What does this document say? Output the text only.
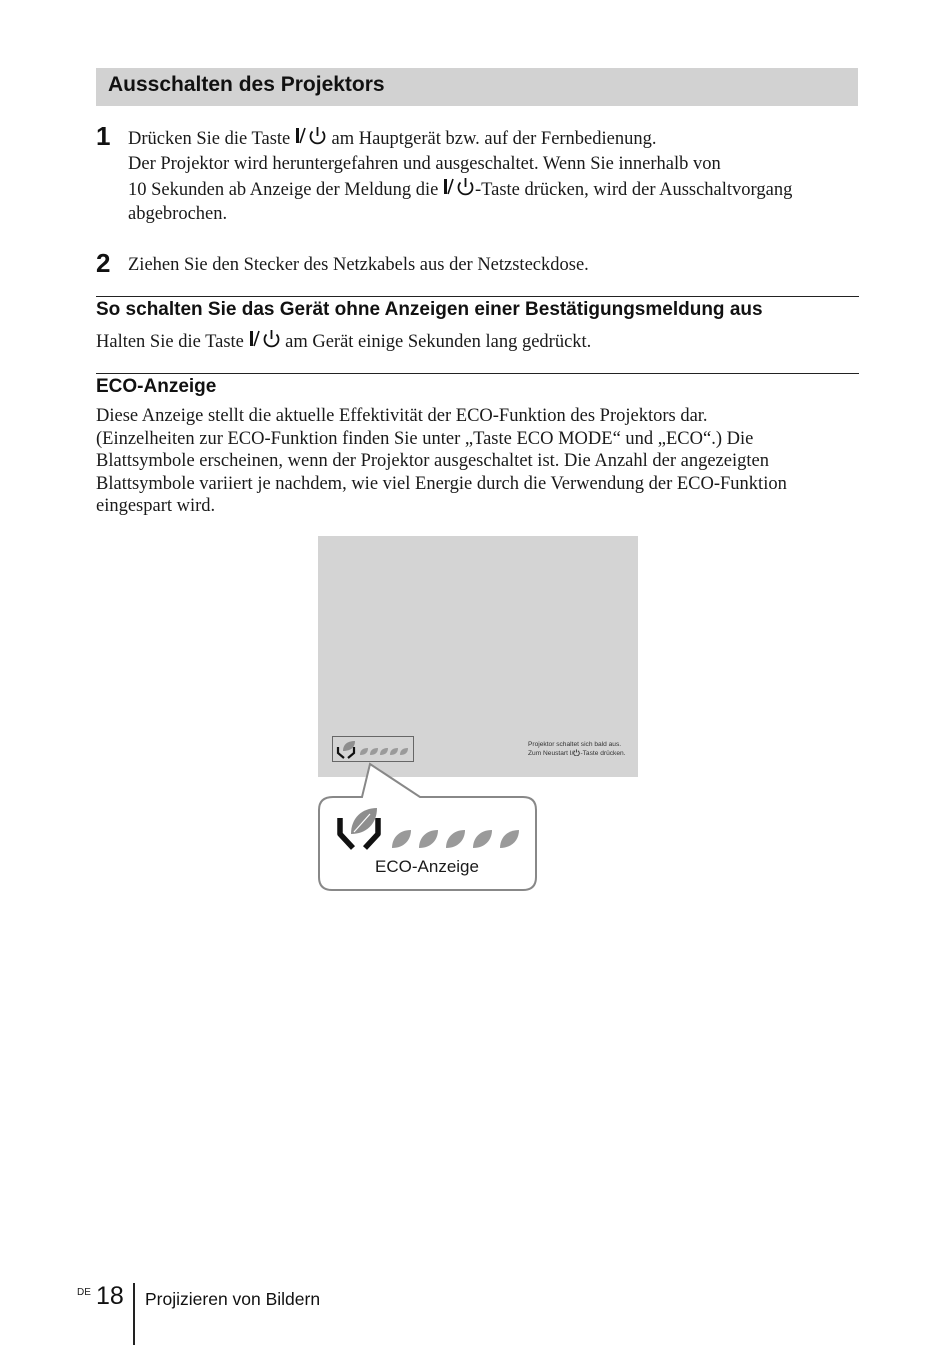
Ausschalten des Projektors
1 Drücken Sie die Taste
am Hauptgerät bzw. auf der Fernbedienung.
Der Projektor wird heruntergefahren und ausgeschaltet. Wenn Sie innerhalb von
10 Sekunden ab Anzeige der Meldung die
-Taste drücken, wird der Ausschaltvorgang
abgebrochen.
2 Ziehen Sie den Stecker des Netzkabels aus der Netzsteckdose.
So schalten Sie das Gerät ohne Anzeigen einer Bestätigungsmeldung aus
Halten Sie die Taste
am Gerät einige Sekunden lang gedrückt.
ECO-Anzeige
Diese Anzeige stellt die aktuelle Effektivität der ECO-Funktion des Projektors dar.
(Einzelheiten zur ECO-Funktion finden Sie unter „Taste ECO MODE“ und „ECO“.) Die
Blattsymbole erscheinen, wenn der Projektor ausgeschaltet ist. Die Anzahl der angezeigten
Blattsymbole variiert je nachdem, wie viel Energie durch die Verwendung der ECO-Funktion
eingespart wird.
Projektor schaltet sich bald aus.
Zum Neustart I/ -Taste drücken.
ECO-Anzeige
DE 18 Projizieren von Bildern
